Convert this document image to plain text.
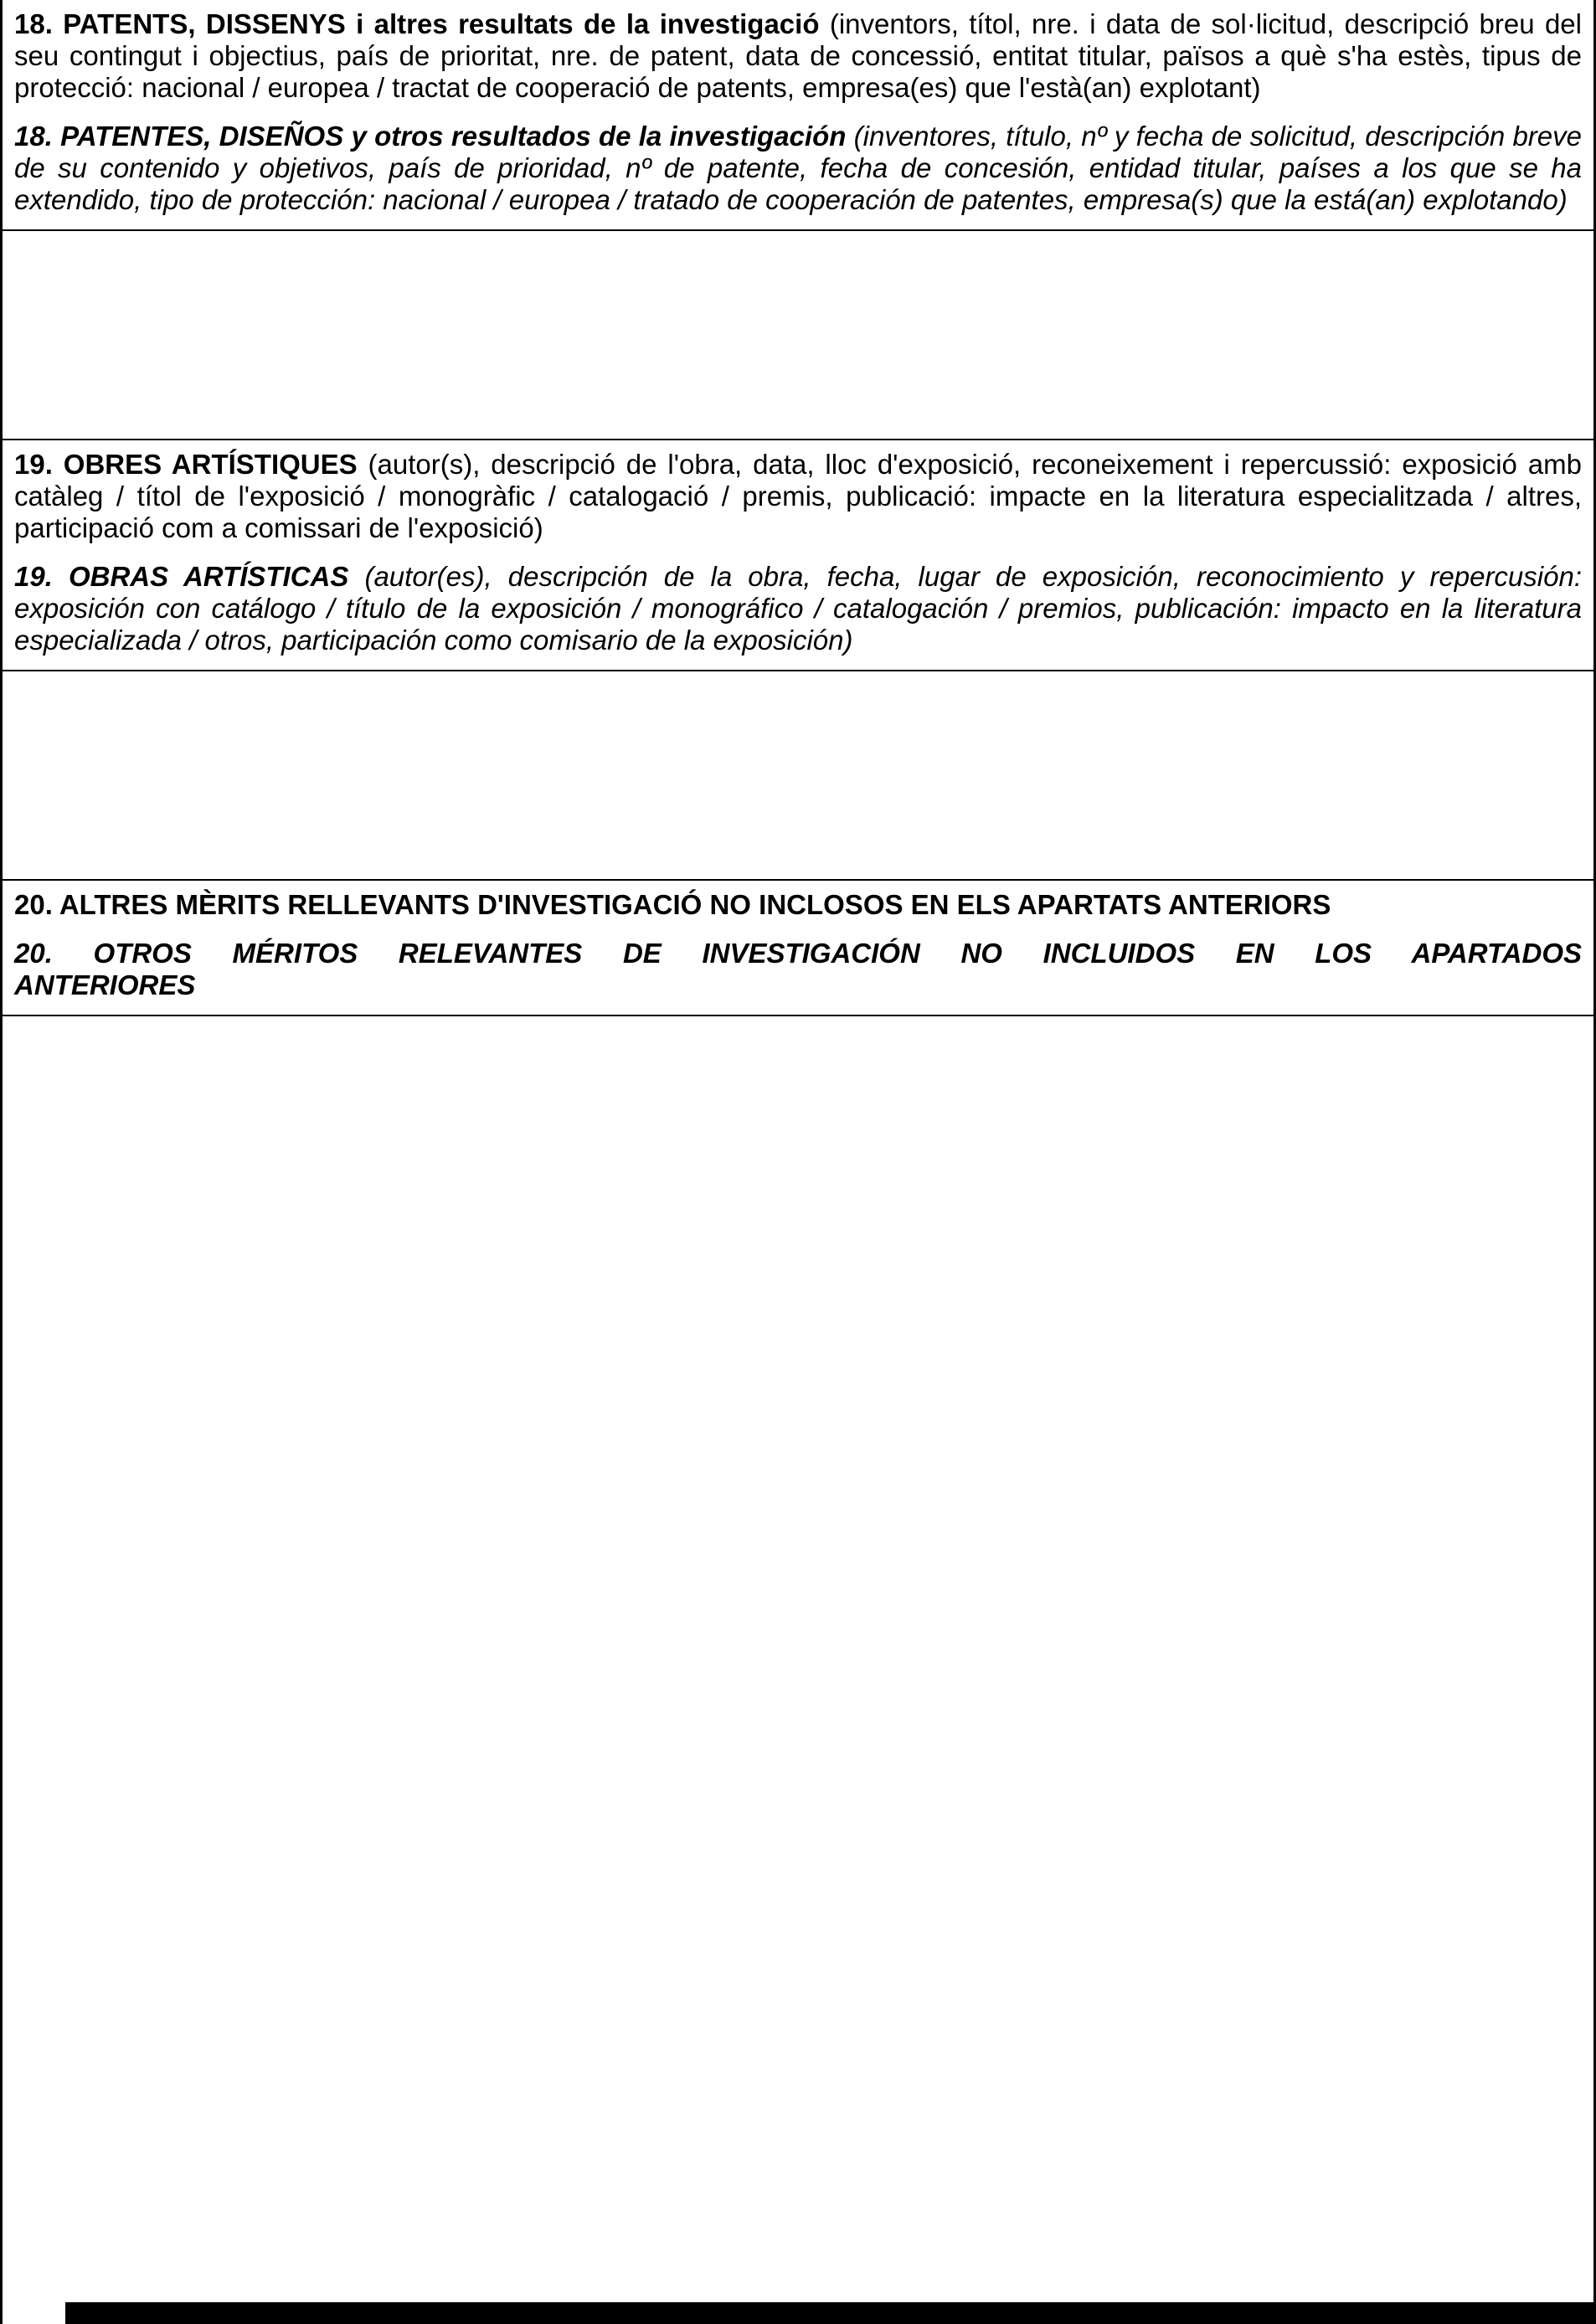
18. PATENTS, DISSENYS i altres resultats de la investigació (inventors, títol, nre. i data de sol·licitud, descripció breu del seu contingut i objectius, país de prioritat, nre. de patent, data de concessió, entitat titular, països a què s'ha estès, tipus de protecció: nacional / europea / tractat de cooperació de patents, empresa(es) que l'està(an) explotant)

18. PATENTES, DISEÑOS y otros resultados de la investigación (inventores, título, nº y fecha de solicitud, descripción breve de su contenido y objetivos, país de prioridad, nº de patente, fecha de concesión, entidad titular, países a los que se ha extendido, tipo de protección: nacional / europea / tratado de cooperación de patentes, empresa(s) que la está(an) explotando)

19. OBRES ARTÍSTIQUES (autor(s), descripció de l'obra, data, lloc d'exposició, reconeixement i repercussió: exposició amb catàleg / títol de l'exposició / monogràfic / catalogació / premis, publicació: impacte en la literatura especialitzada / altres, participació com a comissari de l'exposició)

19. OBRAS ARTÍSTICAS (autor(es), descripción de la obra, fecha, lugar de exposición, reconocimiento y repercusión: exposición con catálogo / título de la exposición / monográfico / catalogación / premios, publicación: impacto en la literatura especializada / otros, participación como comisario de la exposición)

20. ALTRES MÈRITS RELLEVANTS D'INVESTIGACIÓ NO INCLOSOS EN ELS APARTATS ANTERIORS

20. OTROS MÉRITOS RELEVANTES DE INVESTIGACIÓN NO INCLUIDOS EN LOS APARTADOS
ANTERIORES
